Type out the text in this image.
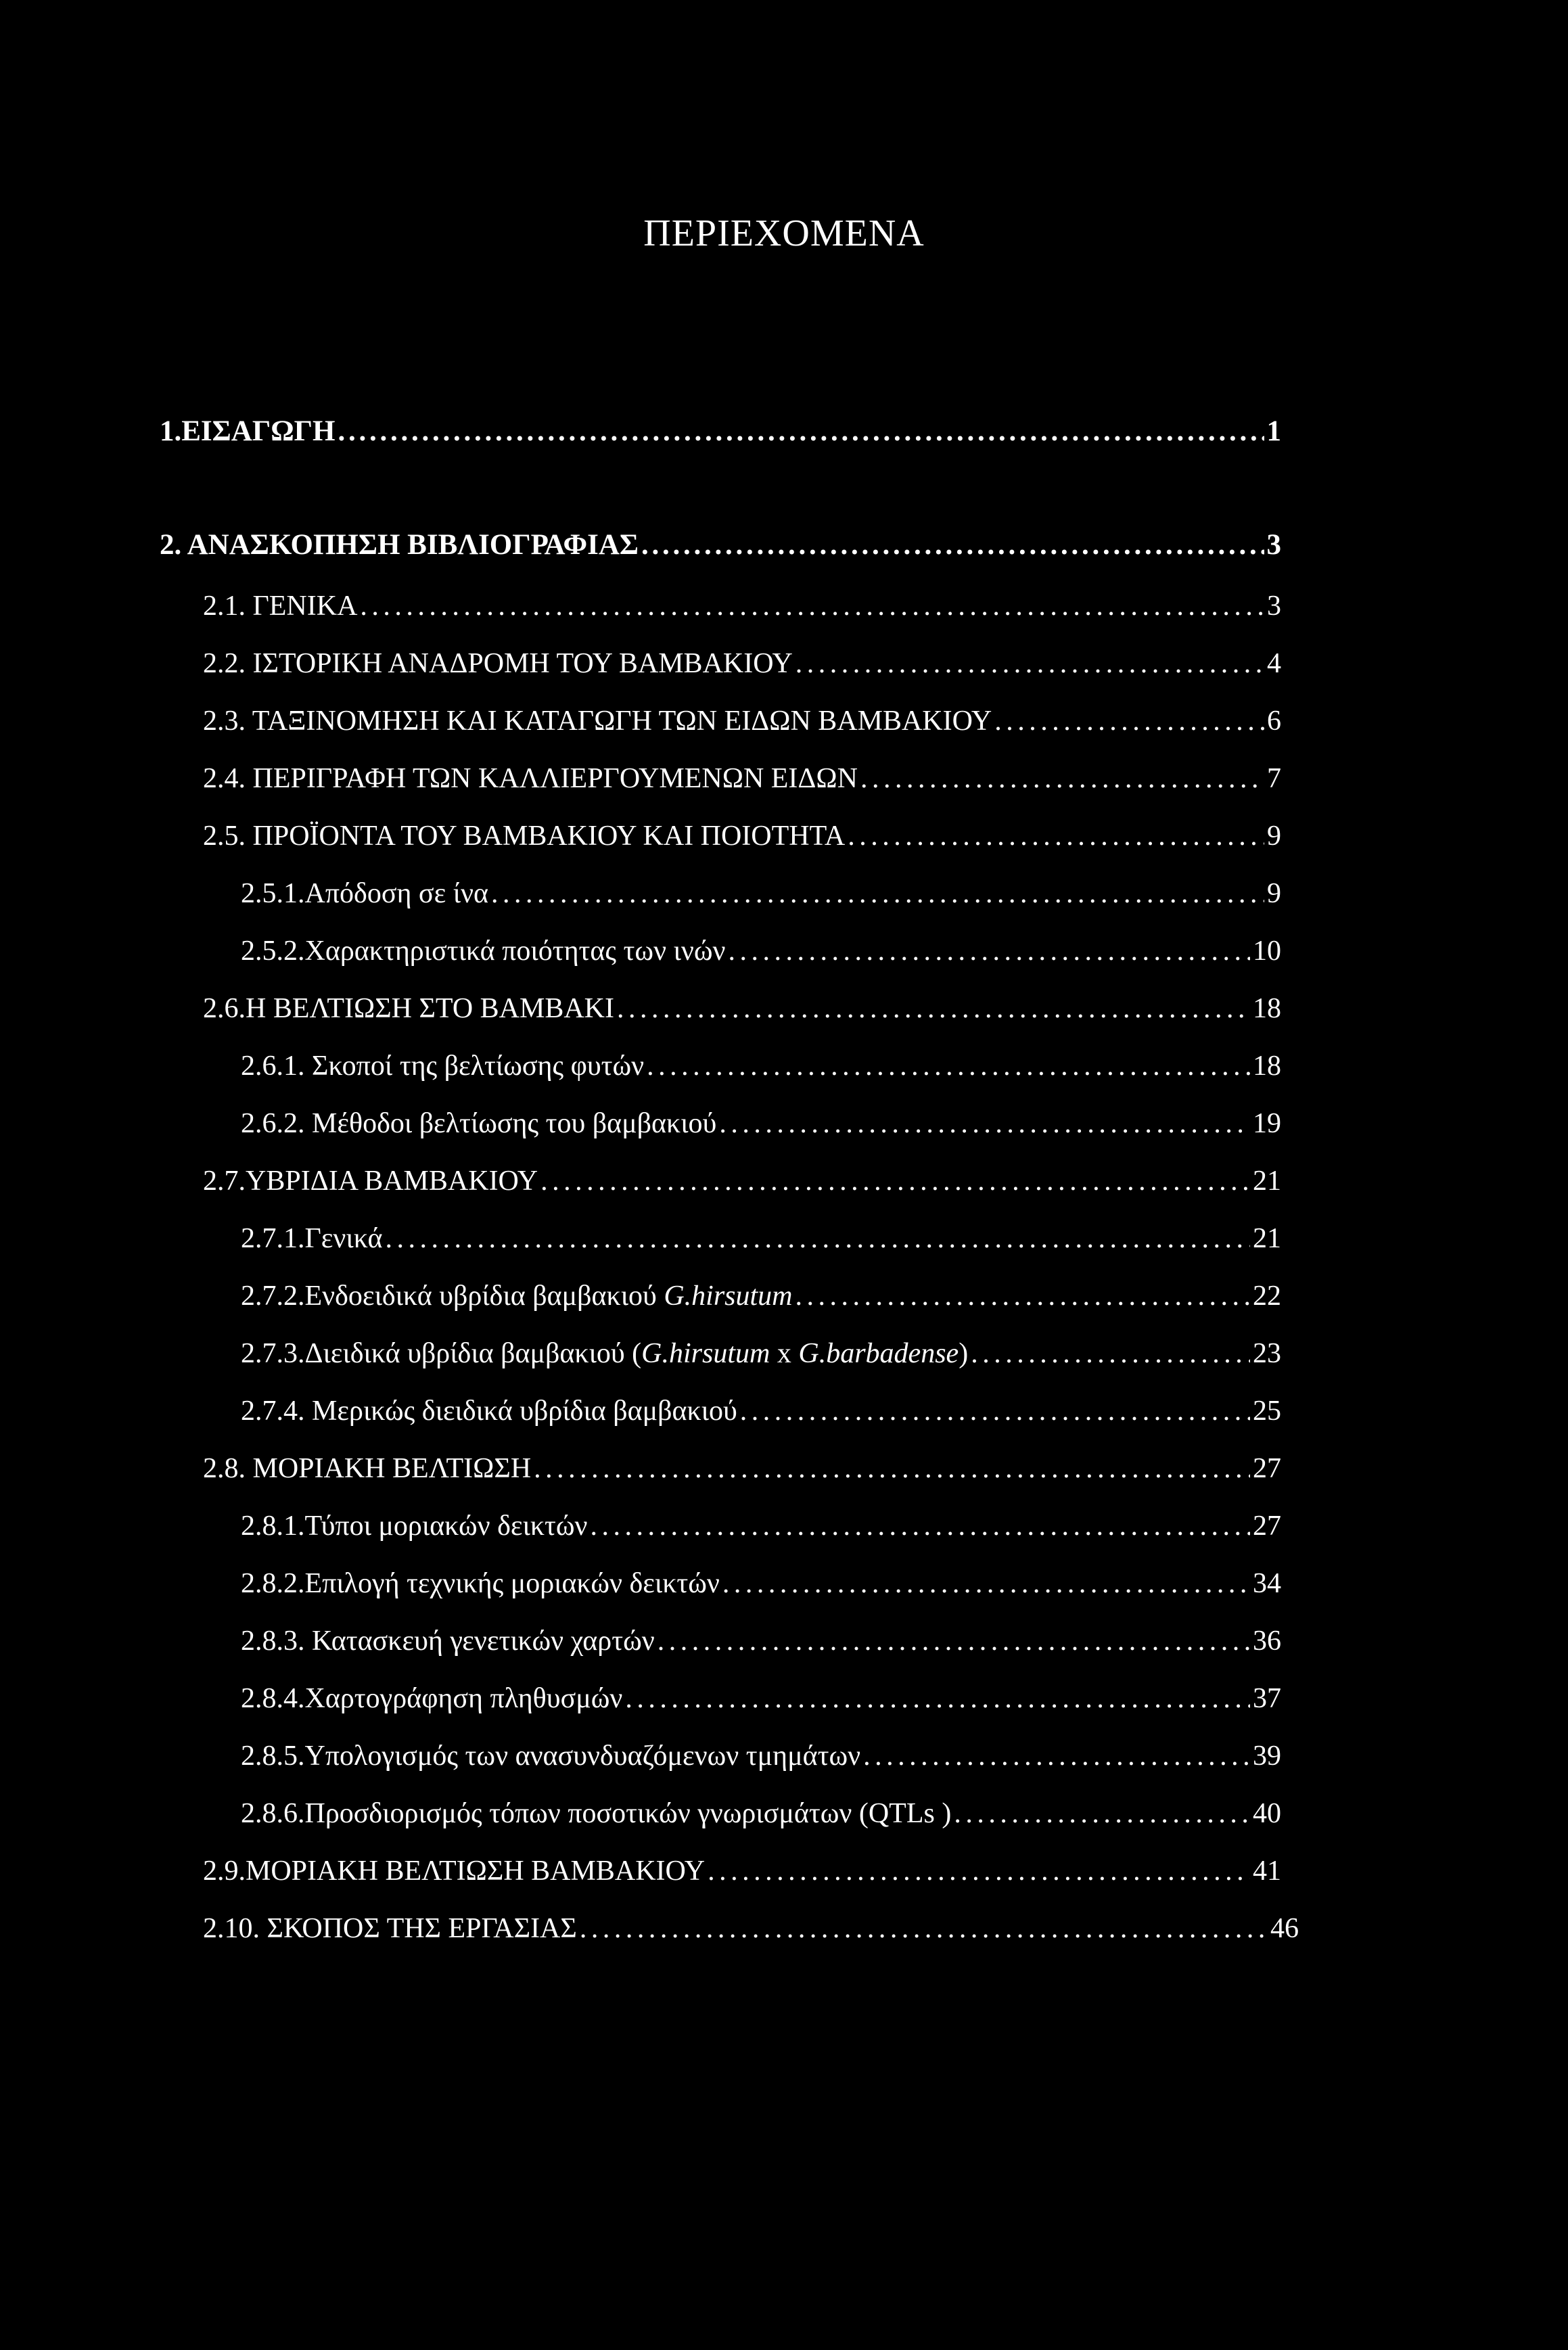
ΠΕΡΙΕΧΟΜΕΝΑ
1.ΕΙΣΑΓΩΓΗ . . .	1
2. ΑΝΑΣΚΟΠΗΣΗ ΒΙΒΛΙΟΓΡΑΦΙΑΣ . . .	3
2.1. ΓΕΝΙΚΑ . . .	3
2.2. ΙΣΤΟΡΙΚΗ ΑΝΑΔΡΟΜΗ ΤΟΥ ΒΑΜΒΑΚΙΟΥ . . .	4
2.3. ΤΑΞΙΝΟΜΗΣΗ ΚΑΙ ΚΑΤΑΓΩΓΗ ΤΩΝ ΕΙΔΩΝ ΒΑΜΒΑΚΙΟΥ . . .	6
2.4. ΠΕΡΙΓΡΑΦΗ ΤΩΝ ΚΑΛΛΙΕΡΓΟΥΜΕΝΩΝ ΕΙΔΩΝ . . .	7
2.5. ΠΡΟΪΟΝΤΑ ΤΟΥ ΒΑΜΒΑΚΙΟΥ ΚΑΙ ΠΟΙΟΤΗΤΑ . . .	9
2.5.1.Απόδοση σε ίνα . . .	9
2.5.2.Χαρακτηριστικά ποιότητας των ινών . . .	10
2.6.Η ΒΕΛΤΙΩΣΗ ΣΤΟ ΒΑΜΒΑΚΙ . . .	18
2.6.1. Σκοποί της βελτίωσης φυτών . . .	18
2.6.2. Μέθοδοι βελτίωσης του βαμβακιού . . .	19
2.7.ΥΒΡΙΔΙΑ ΒΑΜΒΑΚΙΟΥ . . .	21
2.7.1.Γενικά . . .	21
2.7.2.Ενδοειδικά υβρίδια βαμβακιού G.hirsutum . . .	22
2.7.3.Διειδικά υβρίδια βαμβακιού (G.hirsutum x G.barbadense) . . .	23
2.7.4. Μερικώς διειδικά υβρίδια βαμβακιού . . .	25
2.8. ΜΟΡΙΑΚΗ ΒΕΛΤΙΩΣΗ . . .	27
2.8.1.Τύποι μοριακών δεικτών . . .	27
2.8.2.Επιλογή τεχνικής μοριακών δεικτών . . .	34
2.8.3. Κατασκευή γενετικών χαρτών . . .	36
2.8.4.Χαρτογράφηση πληθυσμών . . .	37
2.8.5.Υπολογισμός των ανασυνδυαζόμενων τμημάτων . . .	39
2.8.6.Προσδιορισμός τόπων ποσοτικών γνωρισμάτων (QTLs ) . . .	40
2.9.ΜΟΡΙΑΚΗ ΒΕΛΤΙΩΣΗ ΒΑΜΒΑΚΙΟΥ . . .	41
2.10. ΣΚΟΠΟΣ ΤΗΣ ΕΡΓΑΣΙΑΣ . . .	46
